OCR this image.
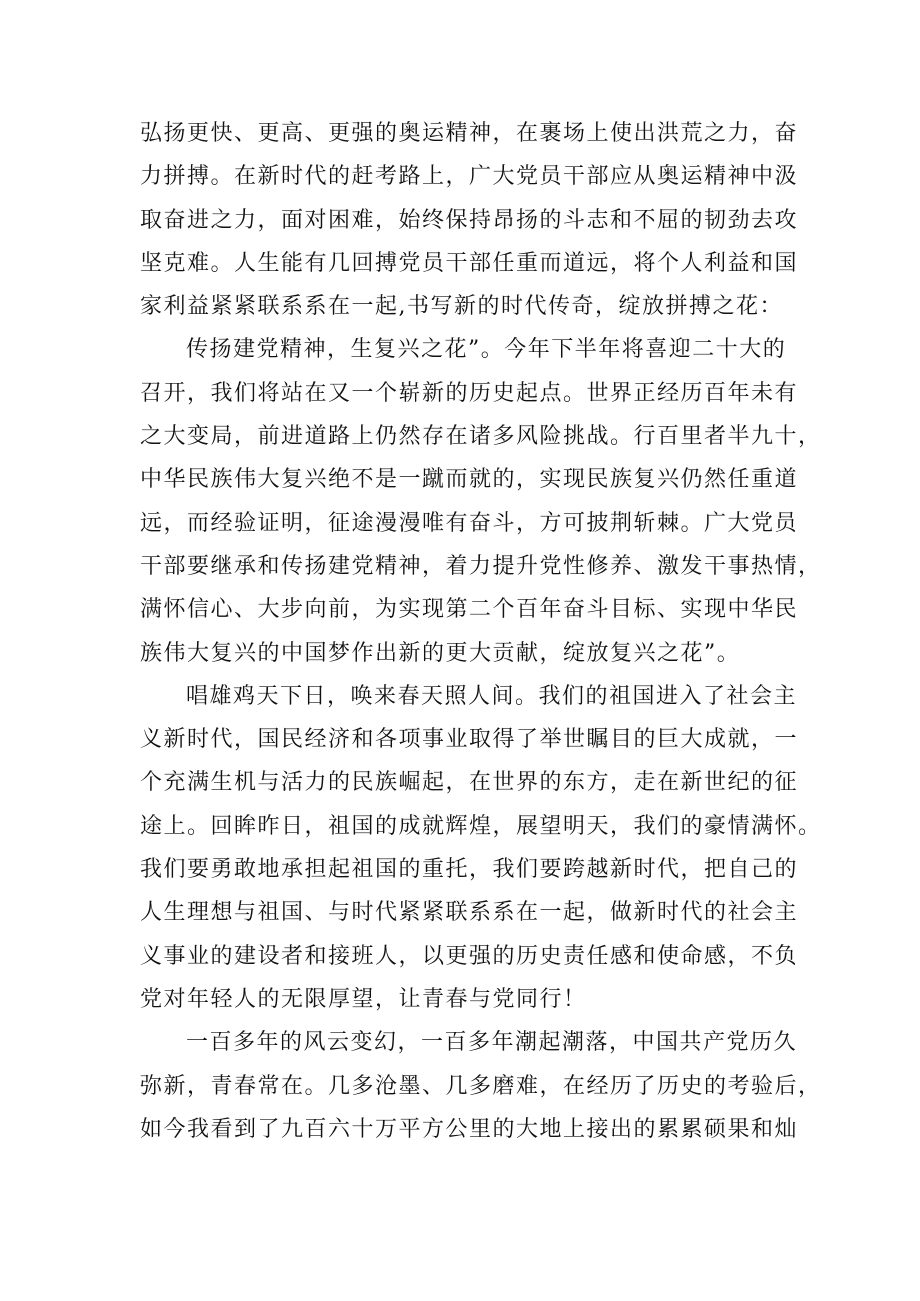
弘扬更快、更高、更强的奥运精神，在裹场上使出洪荒之力，奋
力拼搏。在新时代的赶考路上，广大党员干部应从奥运精神中汲
取奋进之力，面对困难，始终保持昂扬的斗志和不屈的韧劲去攻
坚克难。人生能有几回搏党员干部任重而道远，将个人利益和国
家利益紧紧联系系在一起,书写新的时代传奇，绽放拼搏之花：

传扬建党精神，生复兴之花”。今年下半年将喜迎二十大的
召开，我们将站在又一个崭新的历史起点。世界正经历百年未有
之大变局，前进道路上仍然存在诸多风险挑战。行百里者半九十，
中华民族伟大复兴绝不是一蹴而就的，实现民族复兴仍然任重道
远，而经验证明，征途漫漫唯有奋斗，方可披荆斩棘。广大党员
干部要继承和传扬建党精神，着力提升党性修养、激发干事热情，
满怀信心、大步向前，为实现第二个百年奋斗目标、实现中华民
族伟大复兴的中国梦作出新的更大贡献，绽放复兴之花”。

唱雄鸡天下日，唤来春天照人间。我们的祖国进入了社会主
义新时代，国民经济和各项事业取得了举世瞩目的巨大成就，一
个充满生机与活力的民族崛起，在世界的东方，走在新世纪的征
途上。回眸昨日，祖国的成就辉煌，展望明天，我们的豪情满怀。
我们要勇敢地承担起祖国的重托，我们要跨越新时代，把自己的
人生理想与祖国、与时代紧紧联系系在一起，做新时代的社会主
义事业的建设者和接班人，以更强的历史责任感和使命感，不负
党对年轻人的无限厚望，让青春与党同行！

一百多年的风云变幻，一百多年潮起潮落，中国共产党历久
弥新，青春常在。几多沧墨、几多磨难，在经历了历史的考验后，
如今我看到了九百六十万平方公里的大地上接出的累累硕果和灿
